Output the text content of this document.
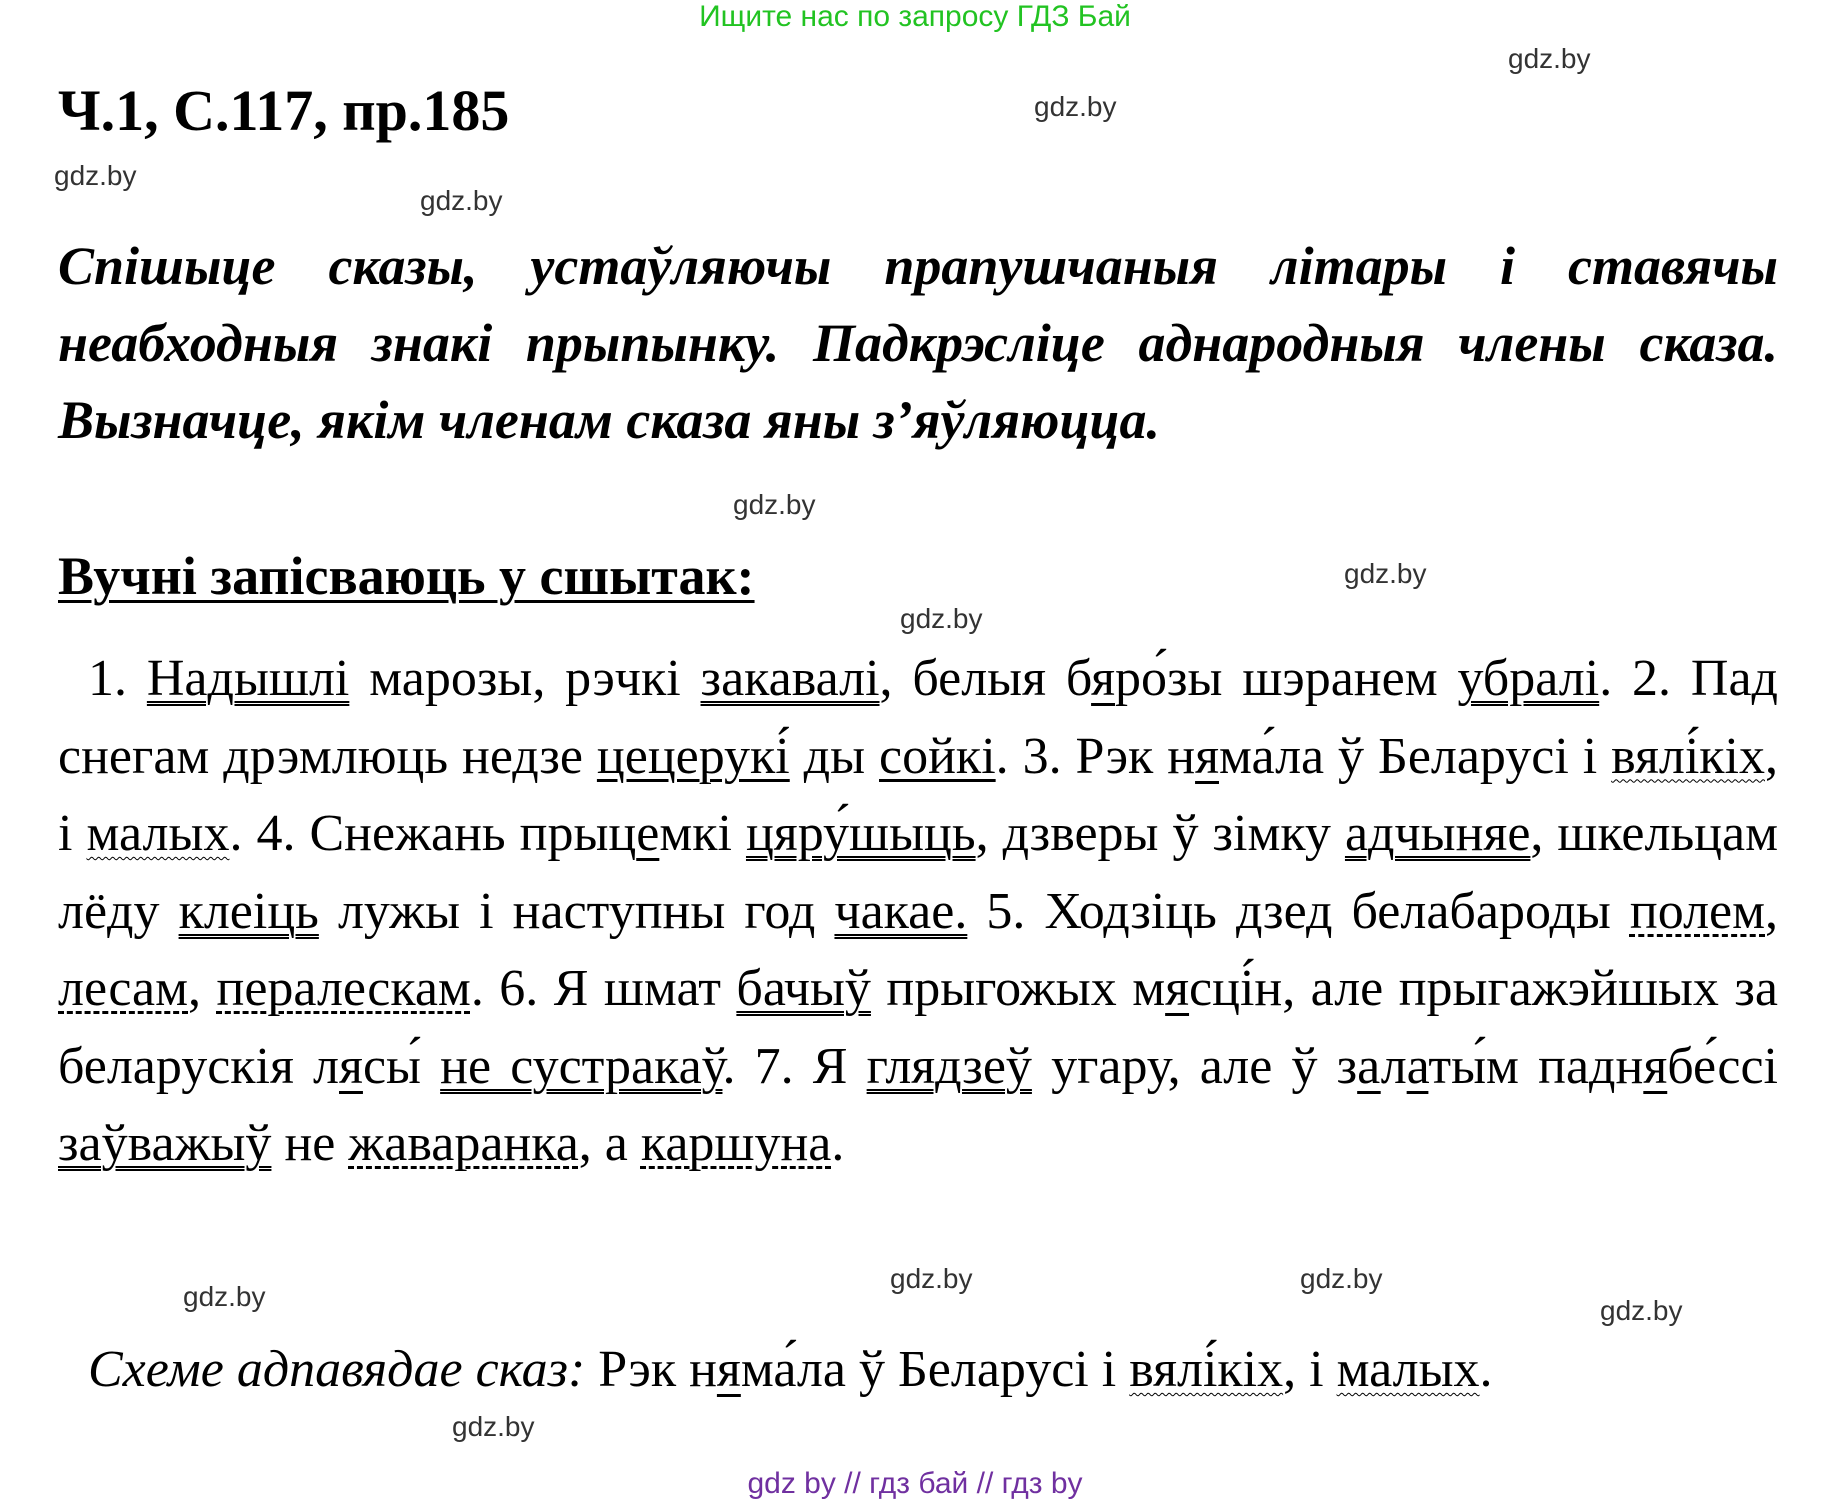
Ищите нас по запросу ГДЗ Бай
gdz.by
gdz.by
gdz.by
gdz.by
gdz.by
gdz.by
gdz.by
gdz.by
gdz.by
gdz.by
gdz.by
gdz.by
Ч.1, С.117, пр.185
Спішыце сказы, устаўляючы прапушчаныя літары і ставячы неабходныя знакі прыпынку. Падкрэсліце аднародныя члены сказа. Вызначце, якім членам сказа яны з’яўляюцца.
Вучні запісваюць у сшытак:
1. Надышлі марозы, рэчкі закавалі, белыя бяро́зы шэранем убралі. 2. Пад снегам дрэмлюць недзе цецерукі́ ды сойкі. 3. Рэк няма́ла ў Беларусі і вялі́кіх, і малых. 4. Снежань прыцемкі цяру́шыць, дзверы ў зімку адчыняе, шкельцам лёду клеіць лужы і наступны год чакае. 5. Ходзіць дзед белабароды полем, лесам, пералескам. 6. Я шмат бачыў прыгожых мясці́н, але прыгажэйшых за беларускія лясы́ не сустракаў. 7. Я глядзеў угару, але ў залаты́м паднябе́ссі заўважыў не жаваранка, а каршуна.
Схеме адпавядае сказ: Рэк няма́ла ў Беларусі і вялі́кіх, і малых.
gdz by // гдз бай // гдз by
